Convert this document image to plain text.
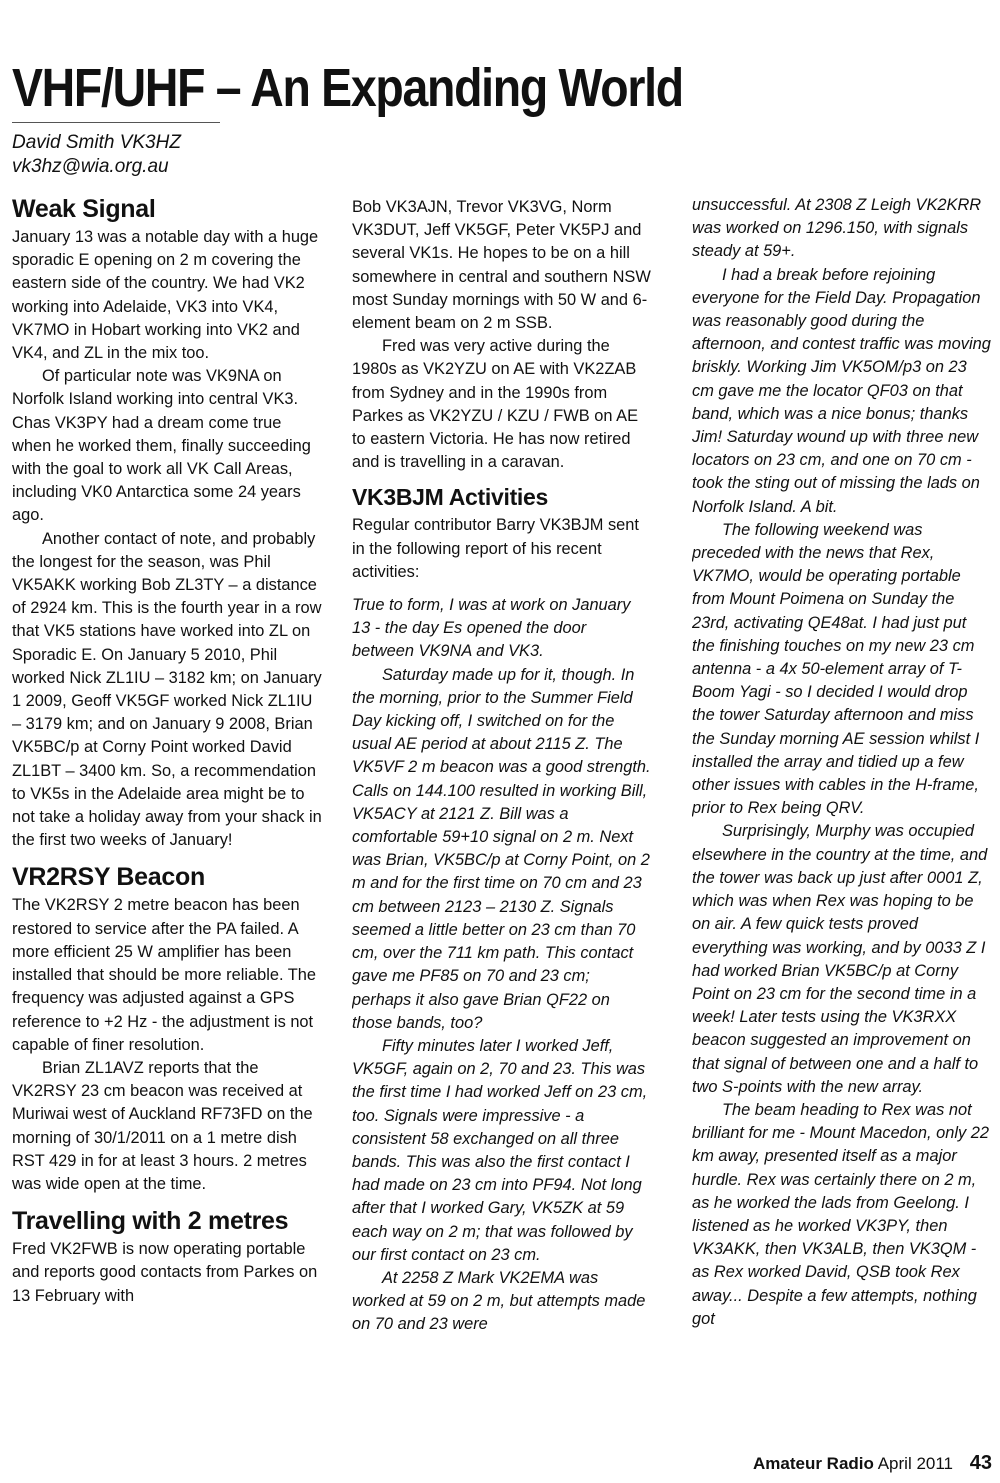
VHF/UHF – An Expanding World
David Smith VK3HZ
vk3hz@wia.org.au
Weak Signal

January 13 was a notable day with a huge sporadic E opening on 2 m covering the eastern side of the country. We had VK2 working into Adelaide, VK3 into VK4, VK7MO in Hobart working into VK2 and VK4, and ZL in the mix too.

Of particular note was VK9NA on Norfolk Island working into central VK3. Chas VK3PY had a dream come true when he worked them, finally succeeding with the goal to work all VK Call Areas, including VK0 Antarctica some 24 years ago.

Another contact of note, and probably the longest for the season, was Phil VK5AKK working Bob ZL3TY – a distance of 2924 km. This is the fourth year in a row that VK5 stations have worked into ZL on Sporadic E. On January 5 2010, Phil worked Nick ZL1IU – 3182 km; on January 1 2009, Geoff VK5GF worked Nick ZL1IU – 3179 km; and on January 9 2008, Brian VK5BC/p at Corny Point worked David ZL1BT – 3400 km. So, a recommendation to VK5s in the Adelaide area might be to not take a holiday away from your shack in the first two weeks of January!

VR2RSY Beacon

The VK2RSY 2 metre beacon has been restored to service after the PA failed. A more efficient 25 W amplifier has been installed that should be more reliable. The frequency was adjusted against a GPS reference to +2 Hz - the adjustment is not capable of finer resolution.

Brian ZL1AVZ reports that the VK2RSY 23 cm beacon was received at Muriwai west of Auckland RF73FD on the morning of 30/1/2011 on a 1 metre dish RST 429 in for at least 3 hours. 2 metres was wide open at the time.

Travelling with 2 metres

Fred VK2FWB is now operating portable and reports good contacts from Parkes on 13 February with

Bob VK3AJN, Trevor VK3VG, Norm VK3DUT, Jeff VK5GF, Peter VK5PJ and several VK1s. He hopes to be on a hill somewhere in central and southern NSW most Sunday mornings with 50 W and 6-element beam on 2 m SSB.

Fred was very active during the 1980s as VK2YZU on AE with VK2ZAB from Sydney and in the 1990s from Parkes as VK2YZU / KZU / FWB on AE to eastern Victoria. He has now retired and is travelling in a caravan.

VK3BJM Activities

Regular contributor Barry VK3BJM sent in the following report of his recent activities:

True to form, I was at work on January 13 - the day Es opened the door between VK9NA and VK3.

Saturday made up for it, though. In the morning, prior to the Summer Field Day kicking off, I switched on for the usual AE period at about 2115 Z. The VK5VF 2 m beacon was a good strength. Calls on 144.100 resulted in working Bill, VK5ACY at 2121 Z. Bill was a comfortable 59+10 signal on 2 m. Next was Brian, VK5BC/p at Corny Point, on 2 m and for the first time on 70 cm and 23 cm between 2123 – 2130 Z. Signals seemed a little better on 23 cm than 70 cm, over the 711 km path. This contact gave me PF85 on 70 and 23 cm; perhaps it also gave Brian QF22 on those bands, too?

Fifty minutes later I worked Jeff, VK5GF, again on 2, 70 and 23. This was the first time I had worked Jeff on 23 cm, too. Signals were impressive - a consistent 58 exchanged on all three bands. This was also the first contact I had made on 23 cm into PF94. Not long after that I worked Gary, VK5ZK at 59 each way on 2 m; that was followed by our first contact on 23 cm.

At 2258 Z Mark VK2EMA was worked at 59 on 2 m, but attempts made on 70 and 23 were

unsuccessful. At 2308 Z Leigh VK2KRR was worked on 1296.150, with signals steady at 59+.

I had a break before rejoining everyone for the Field Day. Propagation was reasonably good during the afternoon, and contest traffic was moving briskly. Working Jim VK5OM/p3 on 23 cm gave me the locator QF03 on that band, which was a nice bonus; thanks Jim! Saturday wound up with three new locators on 23 cm, and one on 70 cm - took the sting out of missing the lads on Norfolk Island. A bit.

The following weekend was preceded with the news that Rex, VK7MO, would be operating portable from Mount Poimena on Sunday the 23rd, activating QE48at. I had just put the finishing touches on my new 23 cm antenna - a 4x 50-element array of T-Boom Yagi - so I decided I would drop the tower Saturday afternoon and miss the Sunday morning AE session whilst I installed the array and tidied up a few other issues with cables in the H-frame, prior to Rex being QRV.

Surprisingly, Murphy was occupied elsewhere in the country at the time, and the tower was back up just after 0001 Z, which was when Rex was hoping to be on air. A few quick tests proved everything was working, and by 0033 Z I had worked Brian VK5BC/p at Corny Point on 23 cm for the second time in a week! Later tests using the VK3RXX beacon suggested an improvement on that signal of between one and a half to two S-points with the new array.

The beam heading to Rex was not brilliant for me - Mount Macedon, only 22 km away, presented itself as a major hurdle. Rex was certainly there on 2 m, as he worked the lads from Geelong. I listened as he worked VK3PY, then VK3AKK, then VK3ALB, then VK3QM - as Rex worked David, QSB took Rex away... Despite a few attempts, nothing got

Amateur Radio April 2011 43
